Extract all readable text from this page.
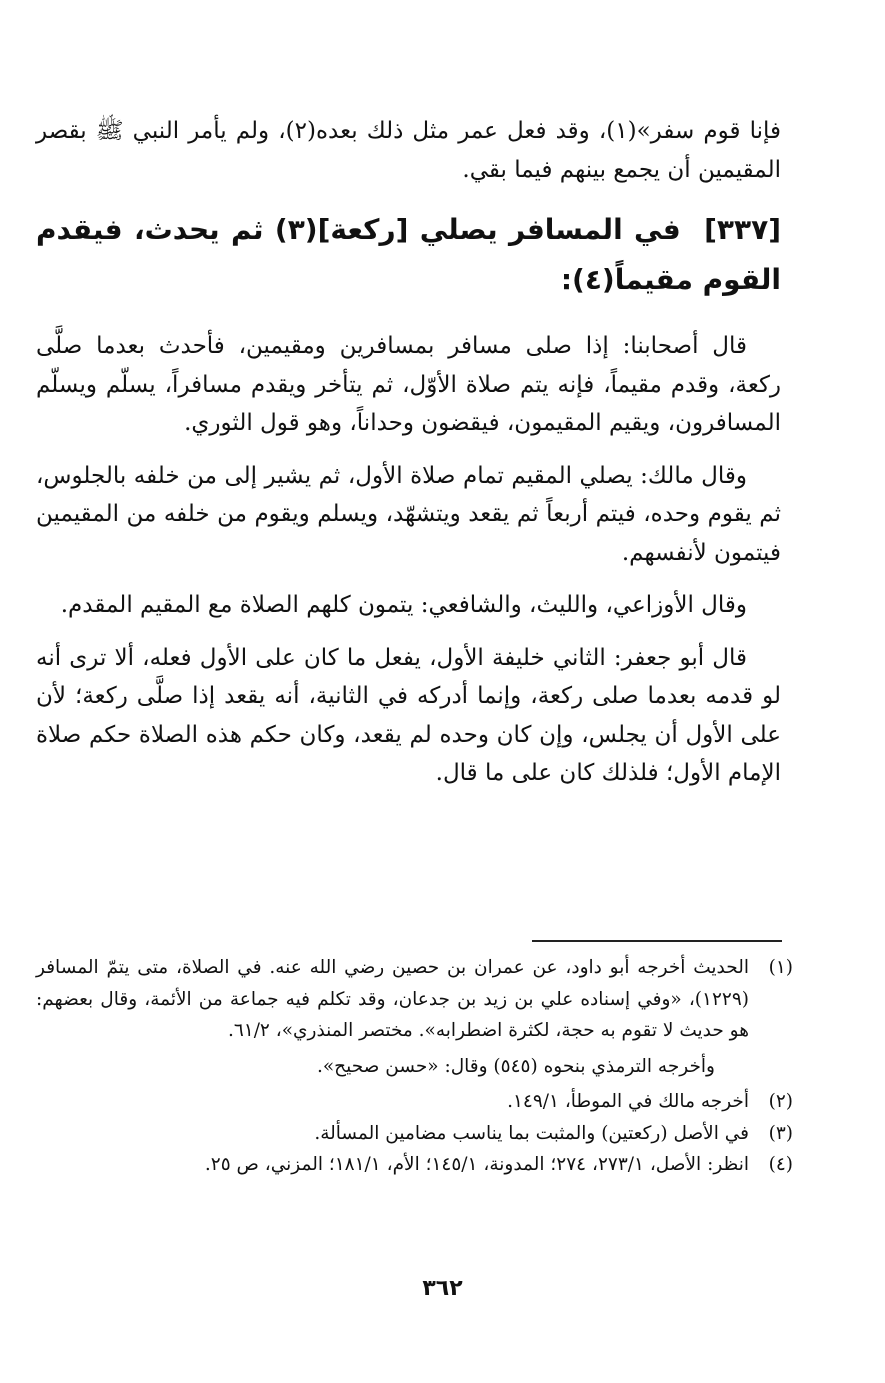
فإنا قوم سفر»(١)، وقد فعل عمر مثل ذلك بعده(٢)، ولم يأمر النبي ﷺ بقصر المقيمين أن يجمع بينهم فيما بقي.

[٣٣٧] في المسافر يصلي [ركعة](٣) ثم يحدث، فيقدم القوم مقيماً(٤):

قال أصحابنا: إذا صلى مسافر بمسافرين ومقيمين، فأحدث بعدما صلَّى ركعة، وقدم مقيماً، فإنه يتم صلاة الأوّل، ثم يتأخر ويقدم مسافراً، يسلّم ويسلّم المسافرون، ويقيم المقيمون، فيقضون وحداناً، وهو قول الثوري.

وقال مالك: يصلي المقيم تمام صلاة الأول، ثم يشير إلى من خلفه بالجلوس، ثم يقوم وحده، فيتم أربعاً ثم يقعد ويتشهّد، ويسلم ويقوم من خلفه من المقيمين فيتمون لأنفسهم.

وقال الأوزاعي، والليث، والشافعي: يتمون كلهم الصلاة مع المقيم المقدم.

قال أبو جعفر: الثاني خليفة الأول، يفعل ما كان على الأول فعله، ألا ترى أنه لو قدمه بعدما صلى ركعة، وإنما أدركه في الثانية، أنه يقعد إذا صلَّى ركعة؛ لأن على الأول أن يجلس، وإن كان وحده لم يقعد، وكان حكم هذه الصلاة حكم صلاة الإمام الأول؛ فلذلك كان على ما قال.

(١)
الحديث أخرجه أبو داود، عن عمران بن حصين رضي الله عنه. في الصلاة، متى يتمّ المسافر (١٢٢٩)، «وفي إسناده علي بن زيد بن جدعان، وقد تكلم فيه جماعة من الأئمة، وقال بعضهم: هو حديث لا تقوم به حجة، لكثرة اضطرابه». مختصر المنذري»، ٦١/٢.
وأخرجه الترمذي بنحوه (٥٤٥) وقال: «حسن صحيح».
(٢)
أخرجه مالك في الموطأ، ١٤٩/١.
(٣)
في الأصل (ركعتين) والمثبت بما يناسب مضامين المسألة.
(٤)
انظر: الأصل، ٢٧٣/١، ٢٧٤؛ المدونة، ١٤٥/١؛ الأم، ١٨١/١؛ المزني، ص ٢٥.
٣٦٢
